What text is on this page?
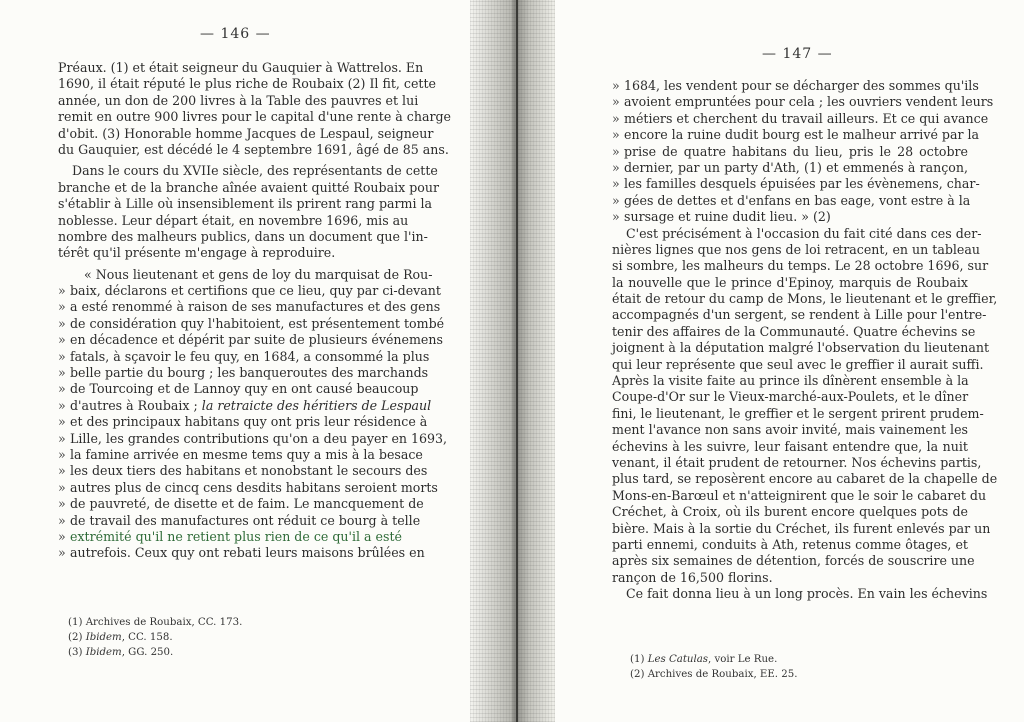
— 146 —
Préaux. (1) et était seigneur du Gauquier à Wattrelos. En
1690, il était réputé le plus riche de Roubaix (2) Il fit, cette
année, un don de 200 livres à la Table des pauvres et lui
remit en outre 900 livres pour le capital d'une rente à charge
d'obit. (3) Honorable homme Jacques de Lespaul, seigneur
du Gauquier, est décédé le 4 septembre 1691, âgé de 85 ans.
Dans le cours du XVIIe siècle, des représentants de cette
branche et de la branche aînée avaient quitté Roubaix pour
s'établir à Lille où insensiblement ils prirent rang parmi la
noblesse. Leur départ était, en novembre 1696, mis au
nombre des malheurs publics, dans un document que l'in-
térêt qu'il présente m'engage à reproduire.
« Nous lieutenant et gens de loy du marquisat de Rou-
» baix, déclarons et certifions que ce lieu, quy par ci-devant
» a esté renommé à raison de ses manufactures et des gens
» de considération quy l'habitoient, est présentement tombé
» en décadence et dépérit par suite de plusieurs événemens
» fatals, à sçavoir le feu quy, en 1684, a consommé la plus
» belle partie du bourg ; les banqueroutes des marchands
» de Tourcoing et de Lannoy quy en ont causé beaucoup
» d'autres à Roubaix ; la retraicte des héritiers de Lespaul
» et des principaux habitans quy ont pris leur résidence à
» Lille, les grandes contributions qu'on a deu payer en 1693,
» la famine arrivée en mesme tems quy a mis à la besace
» les deux tiers des habitans et nonobstant le secours des
» autres plus de cincq cens desdits habitans seroient morts
» de pauvreté, de disette et de faim. Le mancquement de
» de travail des manufactures ont réduit ce bourg à telle
» extrémité qu'il ne retient plus rien de ce qu'il a esté
» autrefois. Ceux quy ont rebati leurs maisons brûlées en
(1) Archives de Roubaix, CC. 173.
(2) Ibidem, CC. 158.
(3) Ibidem, GG. 250.
— 147 —
» 1684, les vendent pour se décharger des sommes qu'ils
» avoient empruntées pour cela ; les ouvriers vendent leurs
» métiers et cherchent du travail ailleurs. Et ce qui avance
» encore la ruine dudit bourg est le malheur arrivé par la
» prise de quatre habitans du lieu, pris le 28 octobre
» dernier, par un party d'Ath, (1) et emmenés à rançon,
» les familles desquels épuisées par les évènemens, char-
» gées de dettes et d'enfans en bas eage, vont estre à la
» sursage et ruine dudit lieu. » (2)
C'est précisément à l'occasion du fait cité dans ces der-
nières lignes que nos gens de loi retracent, en un tableau
si sombre, les malheurs du temps. Le 28 octobre 1696, sur
la nouvelle que le prince d'Epinoy, marquis de Roubaix
était de retour du camp de Mons, le lieutenant et le greffier,
accompagnés d'un sergent, se rendent à Lille pour l'entre-
tenir des affaires de la Communauté. Quatre échevins se
joignent à la députation malgré l'observation du lieutenant
qui leur représente que seul avec le greffier il aurait suffi.
Après la visite faite au prince ils dînèrent ensemble à la
Coupe-d'Or sur le Vieux-marché-aux-Poulets, et le dîner
fini, le lieutenant, le greffier et le sergent prirent prudem-
ment l'avance non sans avoir invité, mais vainement les
échevins à les suivre, leur faisant entendre que, la nuit
venant, il était prudent de retourner. Nos échevins partis,
plus tard, se reposèrent encore au cabaret de la chapelle de
Mons-en-Barœul et n'atteignirent que le soir le cabaret du
Créchet, à Croix, où ils burent encore quelques pots de
bière. Mais à la sortie du Créchet, ils furent enlevés par un
parti ennemi, conduits à Ath, retenus comme ôtages, et
après six semaines de détention, forcés de souscrire une
rançon de 16,500 florins.
Ce fait donna lieu à un long procès. En vain les échevins
(1) Les Catulas, voir Le Rue.
(2) Archives de Roubaix, EE. 25.
